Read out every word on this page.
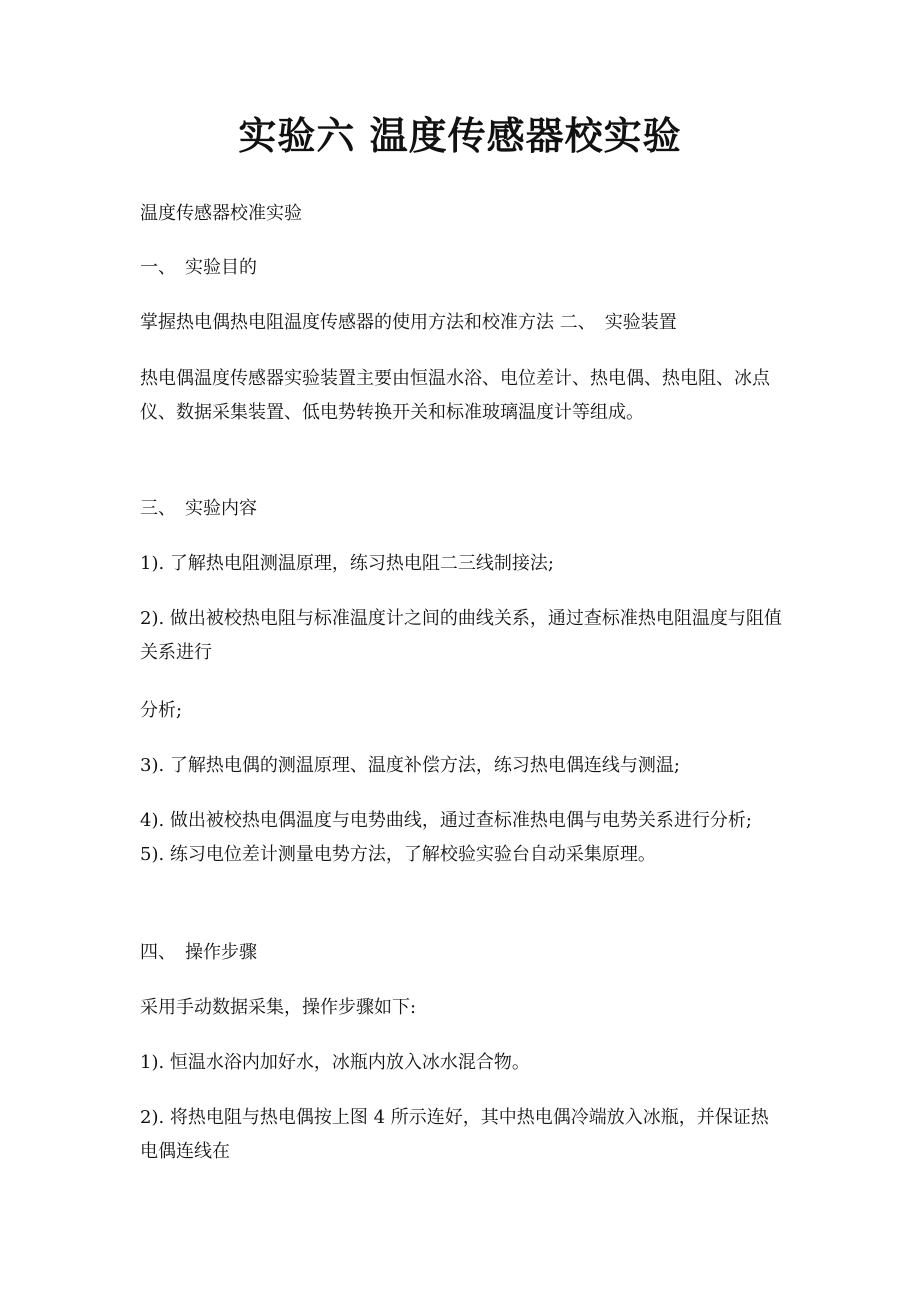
实验六 温度传感器校实验

温度传感器校准实验

一、　实验目的

掌握热电偶热电阻温度传感器的使用方法和校准方法 二、　实验装置

热电偶温度传感器实验装置主要由恒温水浴、电位差计、热电偶、热电阻、冰点仪、数据采集装置、低电势转换开关和标准玻璃温度计等组成。

三、　实验内容

1). 了解热电阻测温原理，练习热电阻二三线制接法;

2). 做出被校热电阻与标准温度计之间的曲线关系，通过查标准热电阻温度与阻值关系进行

分析;

3). 了解热电偶的测温原理、温度补偿方法，练习热电偶连线与测温;

4). 做出被校热电偶温度与电势曲线，通过查标准热电偶与电势关系进行分析;　5). 练习电位差计测量电势方法，了解校验实验台自动采集原理。

四、　操作步骤

采用手动数据采集，操作步骤如下:

1). 恒温水浴内加好水，冰瓶内放入冰水混合物。

2). 将热电阻与热电偶按上图 4 所示连好，其中热电偶冷端放入冰瓶，并保证热电偶连线在
